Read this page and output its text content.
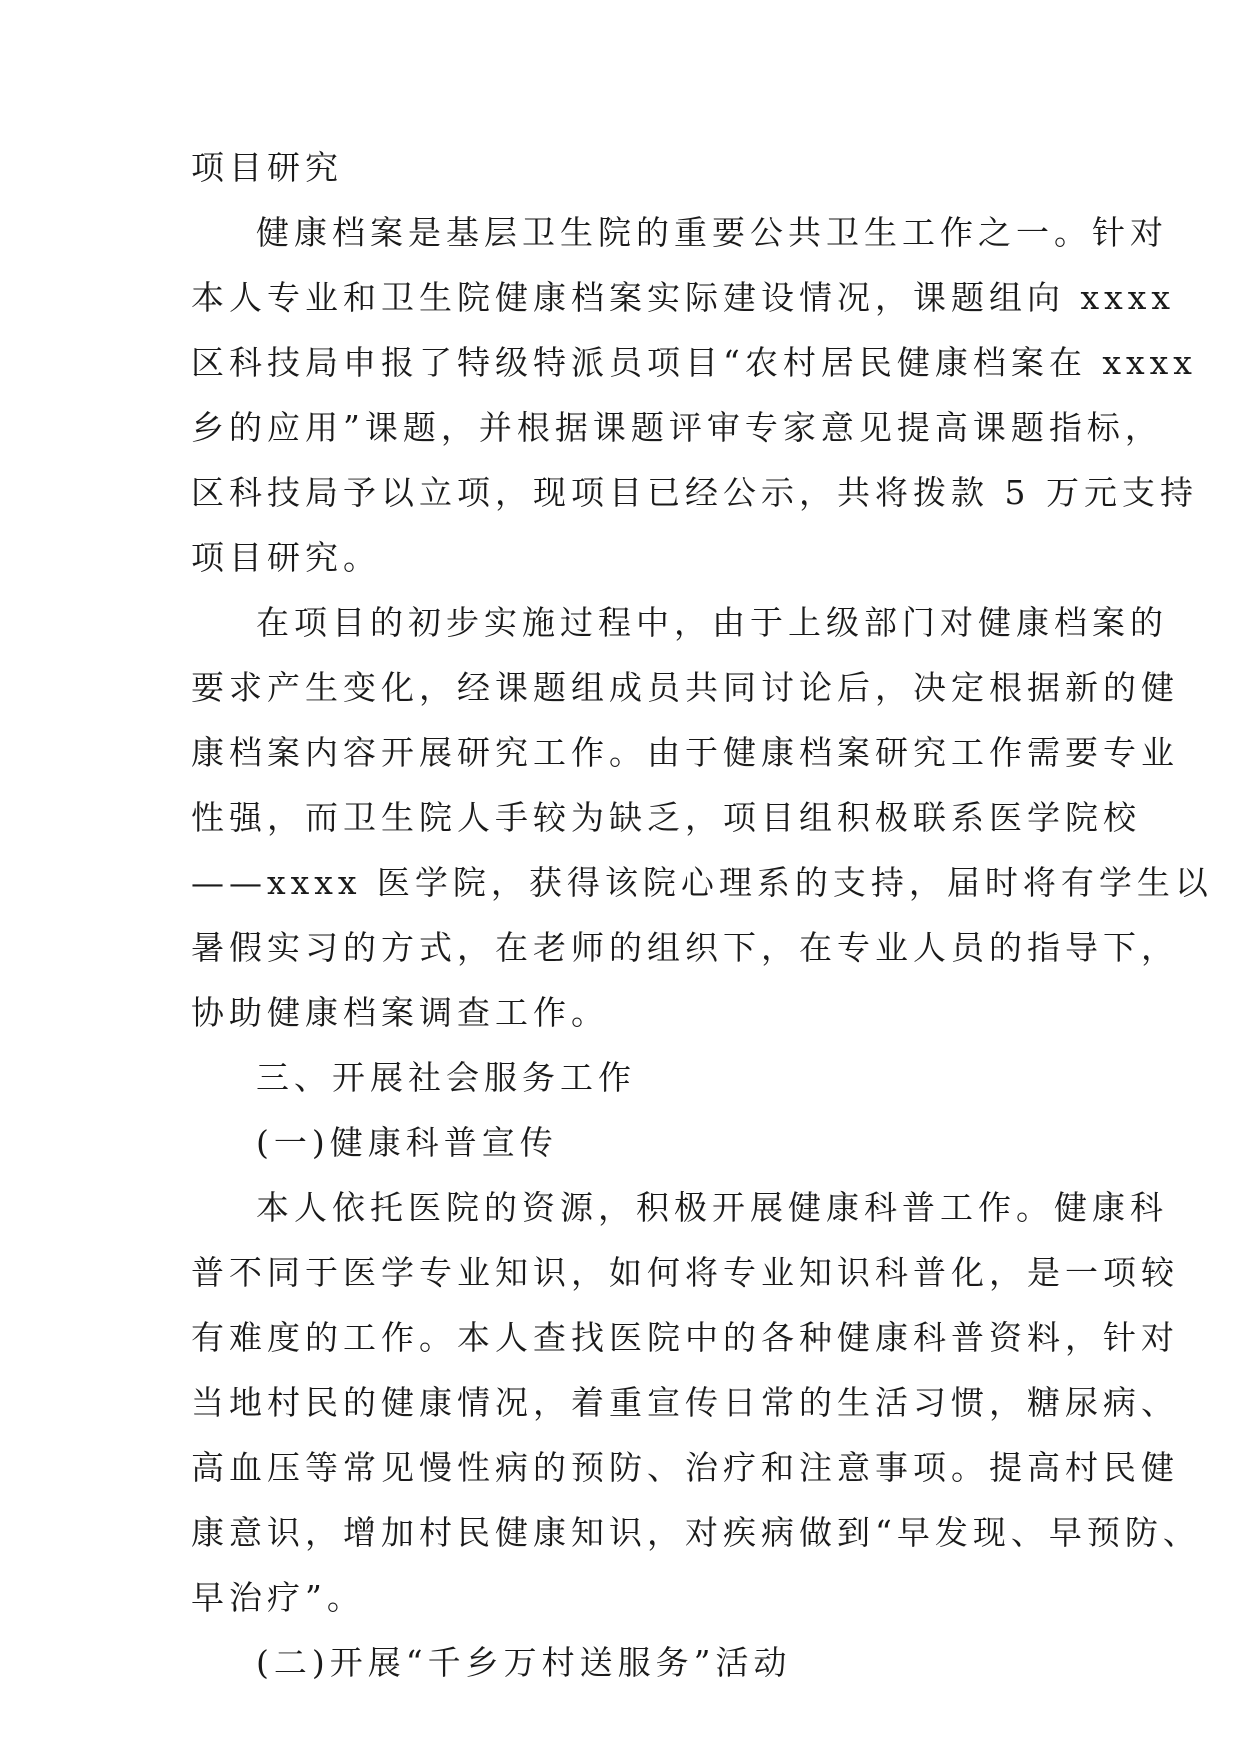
项目研究
健康档案是基层卫生院的重要公共卫生工作之一。针对
本人专业和卫生院健康档案实际建设情况，课题组向 xxxx
区科技局申报了特级特派员项目“农村居民健康档案在 xxxx
乡的应用”课题，并根据课题评审专家意见提高课题指标，
区科技局予以立项，现项目已经公示，共将拨款 5 万元支持
项目研究。
在项目的初步实施过程中，由于上级部门对健康档案的
要求产生变化，经课题组成员共同讨论后，决定根据新的健
康档案内容开展研究工作。由于健康档案研究工作需要专业
性强，而卫生院人手较为缺乏，项目组积极联系医学院校
——xxxx 医学院，获得该院心理系的支持，届时将有学生以
暑假实习的方式，在老师的组织下，在专业人员的指导下，
协助健康档案调查工作。
三、开展社会服务工作
(一)健康科普宣传
本人依托医院的资源，积极开展健康科普工作。健康科
普不同于医学专业知识，如何将专业知识科普化，是一项较
有难度的工作。本人查找医院中的各种健康科普资料，针对
当地村民的健康情况，着重宣传日常的生活习惯，糖尿病、
高血压等常见慢性病的预防、治疗和注意事项。提高村民健
康意识，增加村民健康知识，对疾病做到“早发现、早预防、
早治疗”。
(二)开展“千乡万村送服务”活动
